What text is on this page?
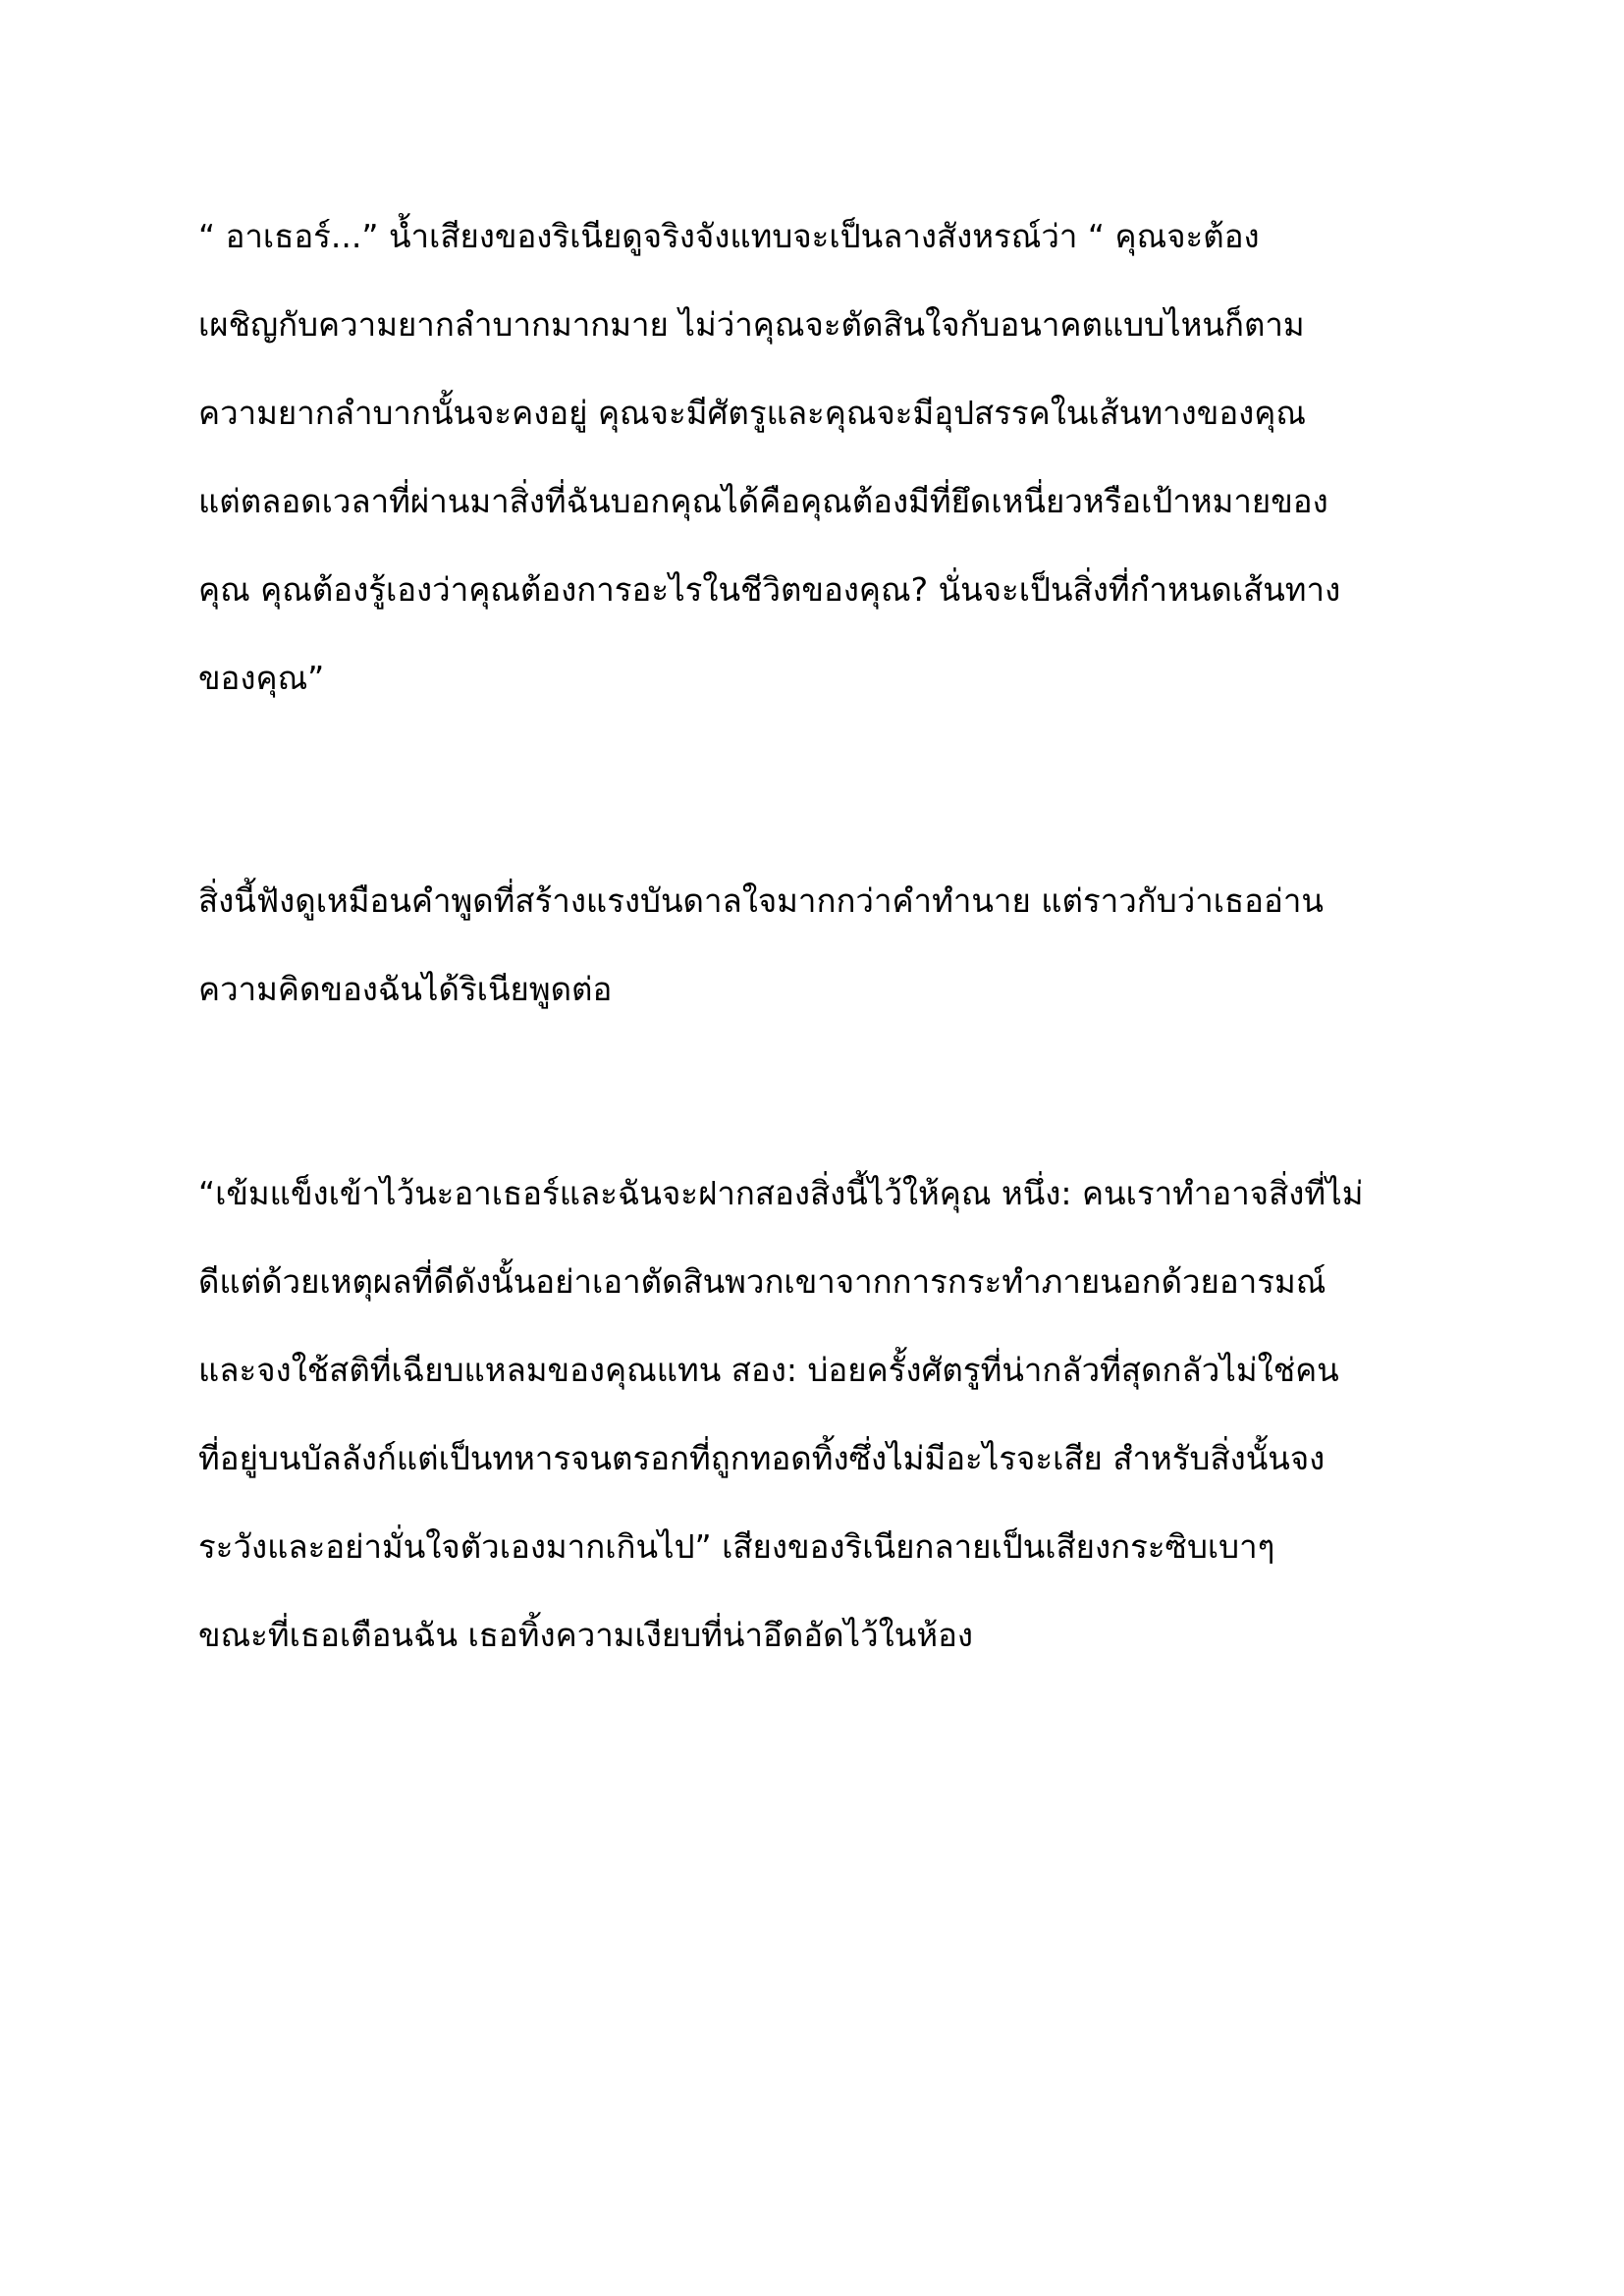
“ อาเธอร์...” น้ำเสียงของริเนียดูจริงจังแทบจะเป็นลางสังหรณ์ว่า “ คุณจะต้อง
เผชิญกับความยากลำบากมากมาย ไม่ว่าคุณจะตัดสินใจกับอนาคตแบบไหนก็ตาม
ความยากลำบากนั้นจะคงอยู่ คุณจะมีศัตรูและคุณจะมีอุปสรรคในเส้นทางของคุณ
แต่ตลอดเวลาที่ผ่านมาสิ่งที่ฉันบอกคุณได้คือคุณต้องมีที่ยึดเหนี่ยวหรือเป้าหมายของ
คุณ คุณต้องรู้เองว่าคุณต้องการอะไรในชีวิตของคุณ? นั่นจะเป็นสิ่งที่กำหนดเส้นทาง
ของคุณ”

สิ่งนี้ฟังดูเหมือนคำพูดที่สร้างแรงบันดาลใจมากกว่าคำทำนาย แต่ราวกับว่าเธออ่าน
ความคิดของฉันได้ริเนียพูดต่อ

“เข้มแข็งเข้าไว้นะอาเธอร์และฉันจะฝากสองสิ่งนี้ไว้ให้คุณ หนึ่ง: คนเราทำอาจสิ่งที่ไม่
ดีแต่ด้วยเหตุผลที่ดีดังนั้นอย่าเอาตัดสินพวกเขาจากการกระทำภายนอกด้วยอารมณ์
และจงใช้สติที่เฉียบแหลมของคุณแทน สอง: บ่อยครั้งศัตรูที่น่ากลัวที่สุดกลัวไม่ใช่คน
ที่อยู่บนบัลลังก์แต่เป็นทหารจนตรอกที่ถูกทอดทิ้งซึ่งไม่มีอะไรจะเสีย สำหรับสิ่งนั้นจง
ระวังและอย่ามั่นใจตัวเองมากเกินไป” เสียงของริเนียกลายเป็นเสียงกระซิบเบาๆ
ขณะที่เธอเตือนฉัน เธอทิ้งความเงียบที่น่าอึดอัดไว้ในห้อง
